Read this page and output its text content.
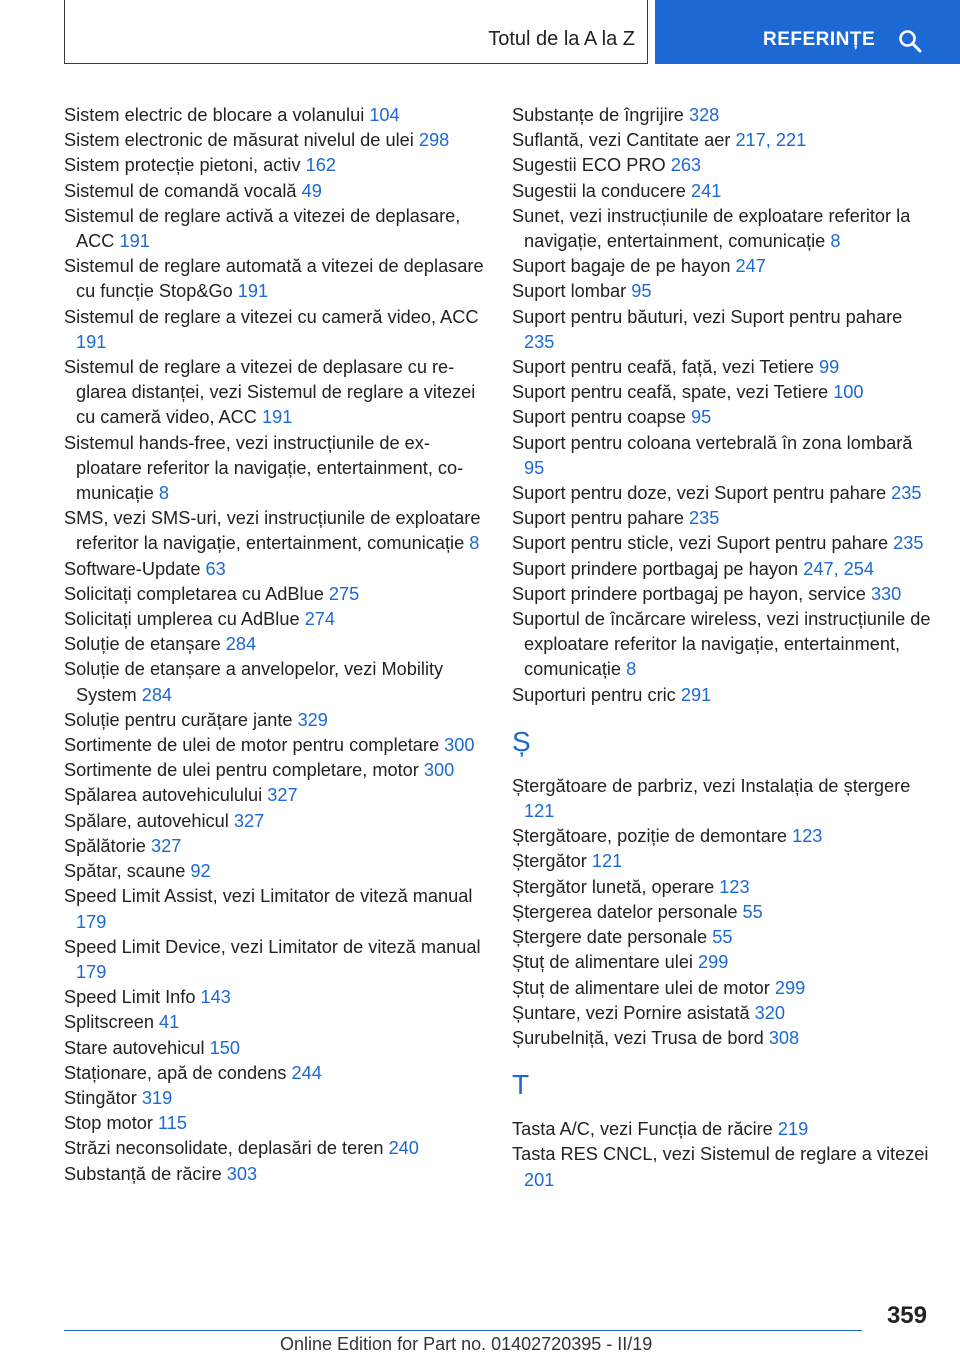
Totul de la A la Z	REFERINȚE
Sistem electric de blocare a volanului 104
Sistem electronic de măsurat nivelul de ulei 298
Sistem protecție pietoni, activ 162
Sistemul de comandă vocală 49
Sistemul de reglare activă a vitezei de deplasare, ACC 191
Sistemul de reglare automată a vitezei de deplasare cu funcție Stop&Go 191
Sistemul de reglare a vitezei cu cameră video, ACC 191
Sistemul de reglare a vitezei de deplasare cu reglarea distanței, vezi Sistemul de reglare a vitezei cu cameră video, ACC 191
Sistemul hands-free, vezi instrucțiunile de exploatare referitor la navigație, entertainment, comunicație 8
SMS, vezi SMS-uri, vezi instrucțiunile de exploatare referitor la navigație, entertainment, comunicație 8
Software-Update 63
Solicitați completarea cu AdBlue 275
Solicitați umplerea cu AdBlue 274
Soluție de etanșare 284
Soluție de etanșare a anvelopelor, vezi Mobility System 284
Soluție pentru curățare jante 329
Sortimente de ulei de motor pentru completare 300
Sortimente de ulei pentru completare, motor 300
Spălarea autovehiculului 327
Spălare, autovehicul 327
Spălătorie 327
Spătar, scaune 92
Speed Limit Assist, vezi Limitator de viteză manual 179
Speed Limit Device, vezi Limitator de viteză manual 179
Speed Limit Info 143
Splitscreen 41
Stare autovehicul 150
Staționare, apă de condens 244
Stingător 319
Stop motor 115
Străzi neconsolidate, deplasări de teren 240
Substanță de răcire 303
Substanțe de îngrijire 328
Suflantă, vezi Cantitate aer 217, 221
Sugestii ECO PRO 263
Sugestii la conducere 241
Sunet, vezi instrucțiunile de exploatare referitor la navigație, entertainment, comunicație 8
Suport bagaje de pe hayon 247
Suport lombar 95
Suport pentru băuturi, vezi Suport pentru pahare 235
Suport pentru ceafă, față, vezi Tetiere 99
Suport pentru ceafă, spate, vezi Tetiere 100
Suport pentru coapse 95
Suport pentru coloana vertebrală în zona lombară 95
Suport pentru doze, vezi Suport pentru pahare 235
Suport pentru pahare 235
Suport pentru sticle, vezi Suport pentru pahare 235
Suport prindere portbagaj pe hayon 247, 254
Suport prindere portbagaj pe hayon, service 330
Suportul de încărcare wireless, vezi instrucțiunile de exploatare referitor la navigație, entertainment, comunicație 8
Suporturi pentru cric 291
Ș
Ștergătoare de parbriz, vezi Instalația de ștergere 121
Ștergătoare, poziție de demontare 123
Ștergător 121
Ștergător lunetă, operare 123
Ștergerea datelor personale 55
Ștergere date personale 55
Ștuț de alimentare ulei 299
Ștuț de alimentare ulei de motor 299
Șuntare, vezi Pornire asistată 320
Șurubelniță, vezi Trusa de bord 308
T
Tasta A/C, vezi Funcția de răcire 219
Tasta RES CNCL, vezi Sistemul de reglare a vitezei 201
359
Online Edition for Part no. 01402720395 - II/19
